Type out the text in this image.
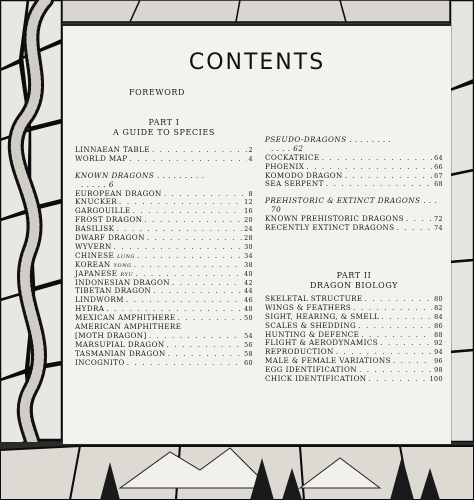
CONTENTS
FOREWORD
PART I
A GUIDE TO SPECIES
LINNAEAN TABLE . . .	2
WORLD MAP . . .	4
KNOWN DRAGONS . . . . . . . . .
. . . . . 6
EUROPEAN DRAGON . . .	8
KNUCKER . . .	12
GARGOUILLE . . .	16
FROST DRAGON . . .	20
BASILISK . . .	24
DWARF DRAGON . . .	28
WYVERN . . .	30
CHINESE LUNG . . .	34
KOREAN YONG . . .	38
JAPANESE RYU . . .	40
INDONESIAN DRAGON . . .	42
TIBETAN DRAGON . . .	44
LINDWORM . . .	46
HYDRA . . .	48
MEXICAN AMPHITHERE . . .	50
AMERICAN AMPHITHERE
[MOTH DRAGON] . . .	54
MARSUPIAL DRAGON . . .	56
TASMANIAN DRAGON . . .	58
INCOGNITO . . .	60
PSEUDO-DRAGONS . . . . . . . .
. . . . 62
COCKATRICE . . .	64
PHOENIX . . .	66
KOMODO DRAGON . . .	67
SEA SERPENT . . .	68
PREHISTORIC & EXTINCT DRAGONS . . .
70
KNOWN PREHISTORIC DRAGONS . . .	72
RECENTLY EXTINCT DRAGONS . . .	74
PART II
DRAGON BIOLOGY
SKELETAL STRUCTURE . . .	80
WINGS & FEATHERS . . .	82
SIGHT, HEARING, & SMELL . . .	84
SCALES & SHEDDING . . .	86
HUNTING & DEFENCE . . .	88
FLIGHT & AERODYNAMICS . . .	92
REPRODUCTION . . .	94
MALE & FEMALE VARIATIONS . . .	96
EGG IDENTIFICATION . . .	98
CHICK IDENTIFICATION . . .	100
